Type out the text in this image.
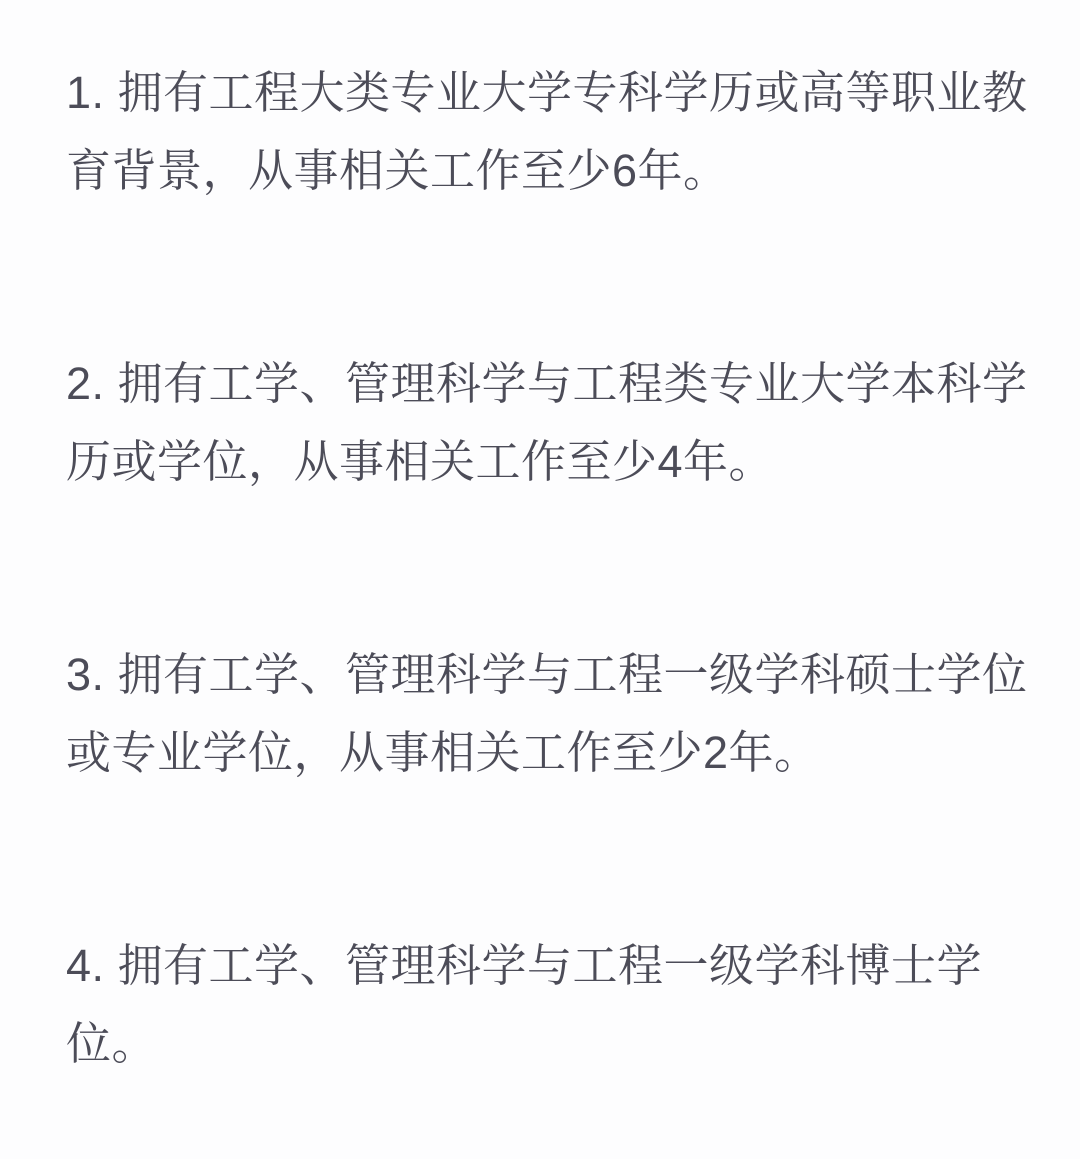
1. 拥有工程大类专业大学专科学历或高等职业教
育背景，从事相关工作至少6年。
2. 拥有工学、管理科学与工程类专业大学本科学
历或学位，从事相关工作至少4年。
3. 拥有工学、管理科学与工程一级学科硕士学位
或专业学位，从事相关工作至少2年。
4. 拥有工学、管理科学与工程一级学科博士学
位。
